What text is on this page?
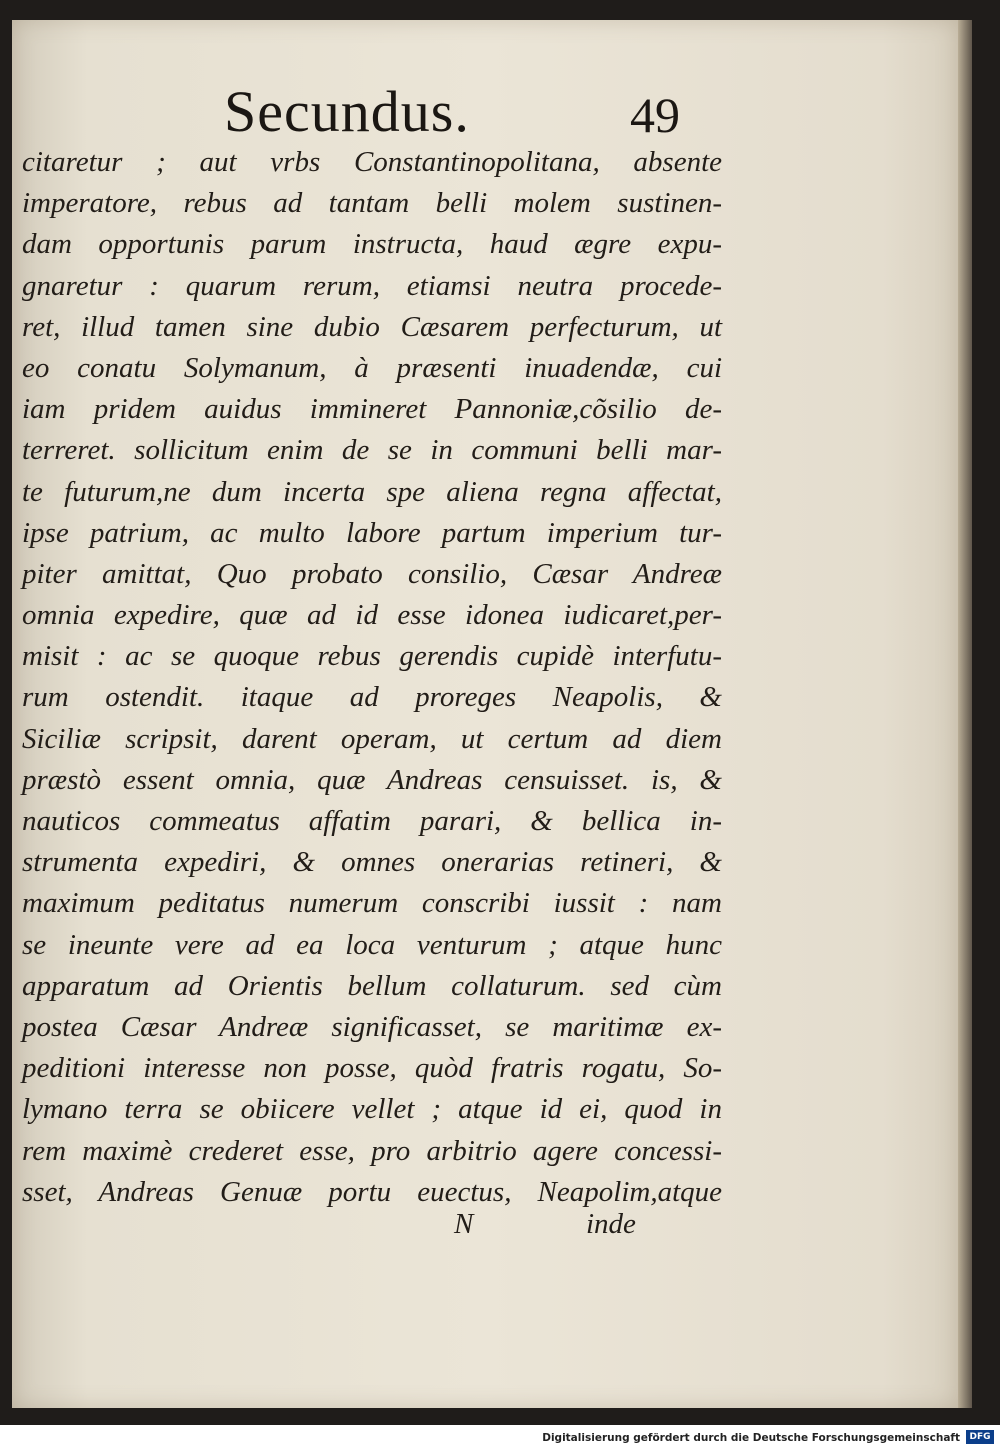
Secundus.	49
citaretur ; aut vrbs Constantinopolitana, absente
imperatore, rebus ad tantam belli molem sustinen-
dam opportunis parum instructa, haud ægre expu-
gnaretur : quarum rerum, etiamsi neutra procede-
ret, illud tamen sine dubio Cæsarem perfecturum, ut
eo conatu Solymanum, à præsenti inuadendæ, cui
iam pridem auidus immineret Pannoniæ,cõsilio de-
terreret. sollicitum enim de se in communi belli mar-
te futurum,ne dum incerta spe aliena regna affectat,
ipse patrium, ac multo labore partum imperium tur-
piter amittat, Quo probato consilio, Cæsar Andreæ
omnia expedire, quæ ad id esse idonea iudicaret,per-
misit : ac se quoque rebus gerendis cupidè interfutu-
rum ostendit. itaque ad proreges Neapolis, &
Siciliæ scripsit, darent operam, ut certum ad diem
præstò essent omnia, quæ Andreas censuisset. is, &
nauticos commeatus affatim parari, & bellica in-
strumenta expediri, & omnes onerarias retineri, &
maximum peditatus numerum conscribi iussit : nam
se ineunte vere ad ea loca venturum ; atque hunc
apparatum ad Orientis bellum collaturum. sed cùm
postea Cæsar Andreæ significasset, se maritimæ ex-
peditioni interesse non posse, quòd fratris rogatu, So-
lymano terra se obiicere vellet ; atque id ei, quod in
rem maximè crederet esse, pro arbitrio agere concessi-
sset, Andreas Genuæ portu euectus, Neapolim,atque
N	inde
Digitalisierung gefördert durch die Deutsche Forschungsgemeinschaft	DFG
